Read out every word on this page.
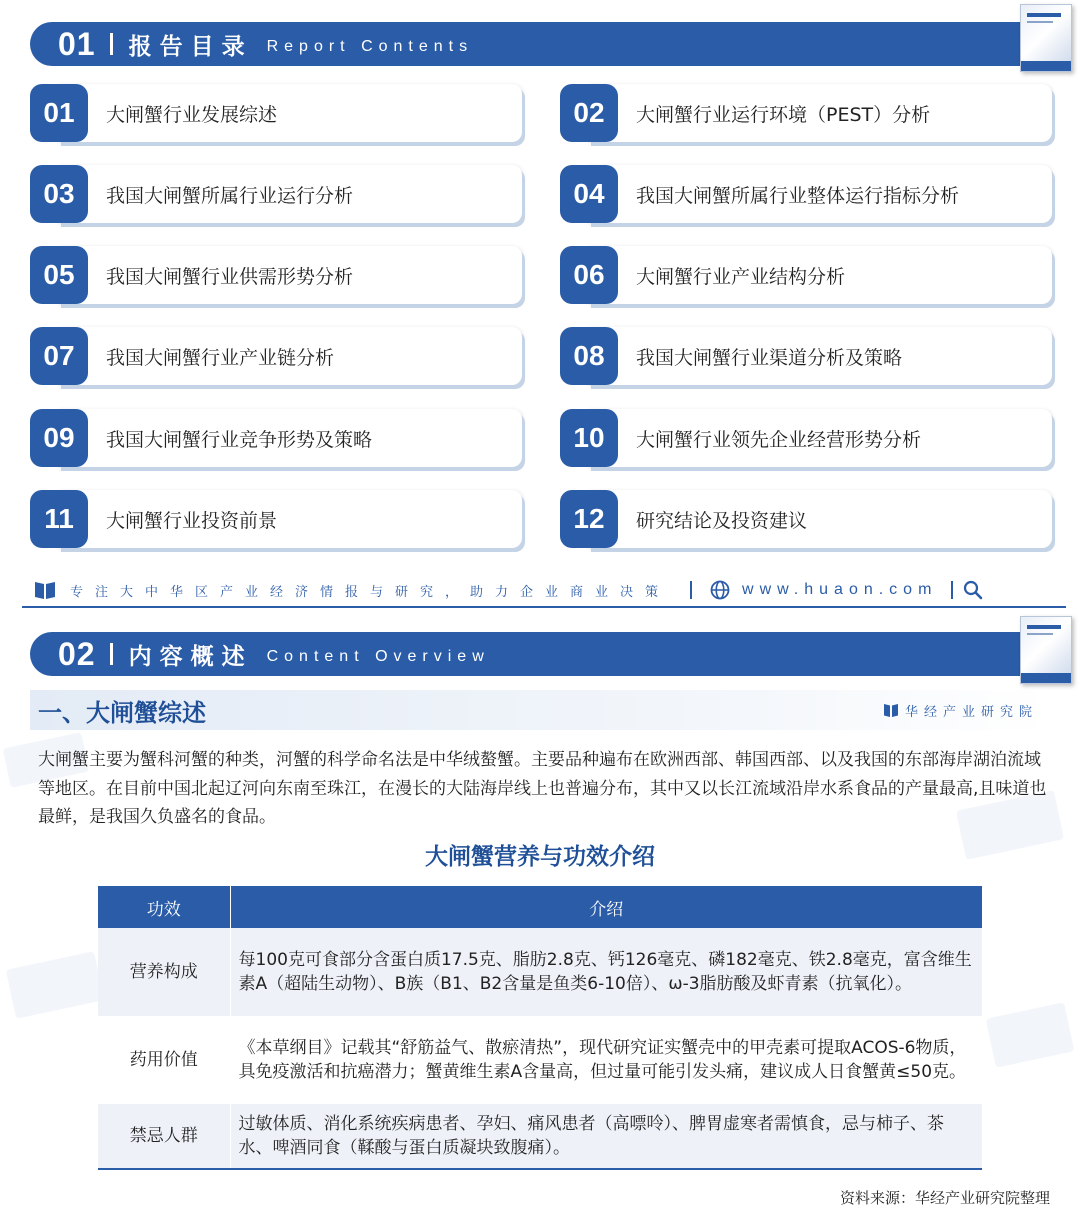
01 报告目录 Report Contents
01	大闸蟹行业发展综述	02	大闸蟹行业运行环境（PEST）分析
03	我国大闸蟹所属行业运行分析	04	我国大闸蟹所属行业整体运行指标分析
05	我国大闸蟹行业供需形势分析	06	大闸蟹行业产业结构分析
07	我国大闸蟹行业产业链分析	08	我国大闸蟹行业渠道分析及策略
09	我国大闸蟹行业竞争形势及策略	10	大闸蟹行业领先企业经营形势分析
11	大闸蟹行业投资前景	12	研究结论及投资建议
专注大中华区产业经济情报与研究，助力企业商业决策	www.huaon.com
02 内容概述 Content Overview
一、大闸蟹综述	华经产业研究院

大闸蟹主要为蟹科河蟹的种类，河蟹的科学命名法是中华绒螯蟹。主要品种遍布在欧洲西部、韩国西部、以及我国的东部海岸湖泊流域等地区。在目前中国北起辽河向东南至珠江，在漫长的大陆海岸线上也普遍分布，其中又以长江流域沿岸水系食品的产量最高,且味道也最鲜，是我国久负盛名的食品。

大闸蟹营养与功效介绍
功效	介绍
营养构成	每100克可食部分含蛋白质17.5克、脂肪2.8克、钙126毫克、磷182毫克、铁2.8毫克，富含维生素A（超陆生动物）、B族（B1、B2含量是鱼类6-10倍）、ω-3脂肪酸及虾青素（抗氧化）。
药用价值	《本草纲目》记载其“舒筋益气、散瘀清热”，现代研究证实蟹壳中的甲壳素可提取ACOS-6物质，具免疫激活和抗癌潜力；蟹黄维生素A含量高，但过量可能引发头痛，建议成人日食蟹黄≤50克。
禁忌人群	过敏体质、消化系统疾病患者、孕妇、痛风患者（高嘌呤）、脾胃虚寒者需慎食，忌与柿子、茶水、啤酒同食（鞣酸与蛋白质凝块致腹痛）。
资料来源：华经产业研究院整理
